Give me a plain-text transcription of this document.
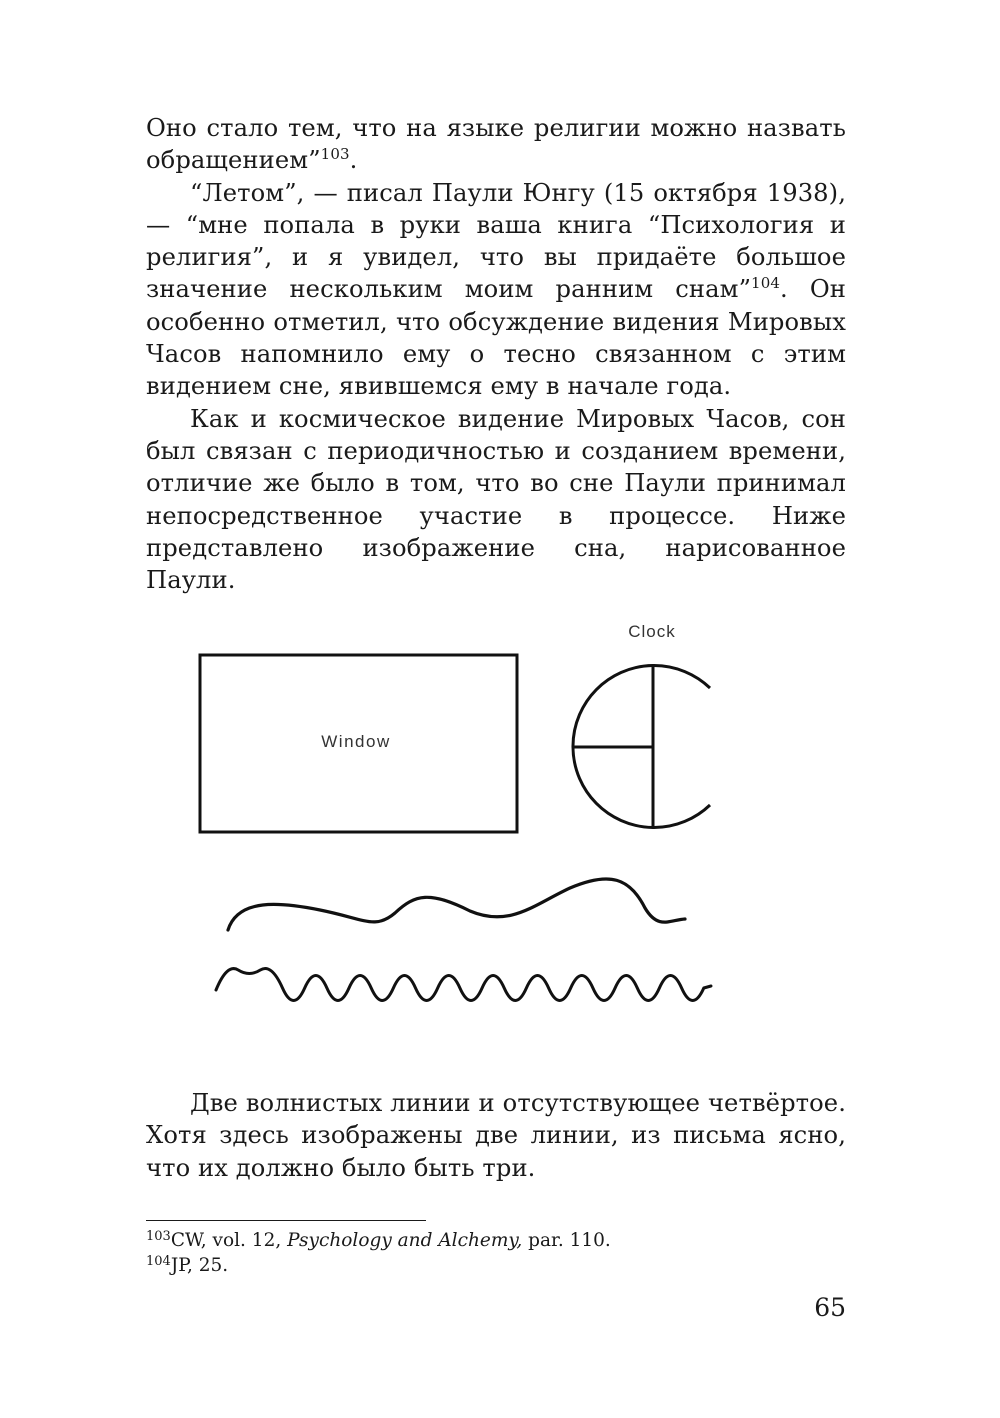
Оно стало тем, что на языке религии можно назвать обращением”$^{103}$.

“Летом”, — писал Паули Юнгу (15 октября 1938), — “мне попала в руки ваша книга “Психология и религия”, и я увидел, что вы придаёте большое значение нескольким моим ранним снам”$^{104}$. Он особенно отметил, что обсуждение видения Мировых Часов напомнило ему о тесно связанном с этим видением сне, явившемся ему в начале года.

Как и космическое видение Мировых Часов, сон был связан с периодичностью и созданием времени, отличие же было в том, что во сне Паули принимал непосредственное участие в процессе. Ниже представлено изображение сна, нарисованное Паули.

Window
Clock

Две волнистых линии и отсутствующее четвёртое. Хотя здесь изображены две линии, из письма ясно, что их должно было быть три.

$^{103}$CW, vol. 12, Psychology and Alchemy, par. 110.
$^{104}$JP, 25.
65
